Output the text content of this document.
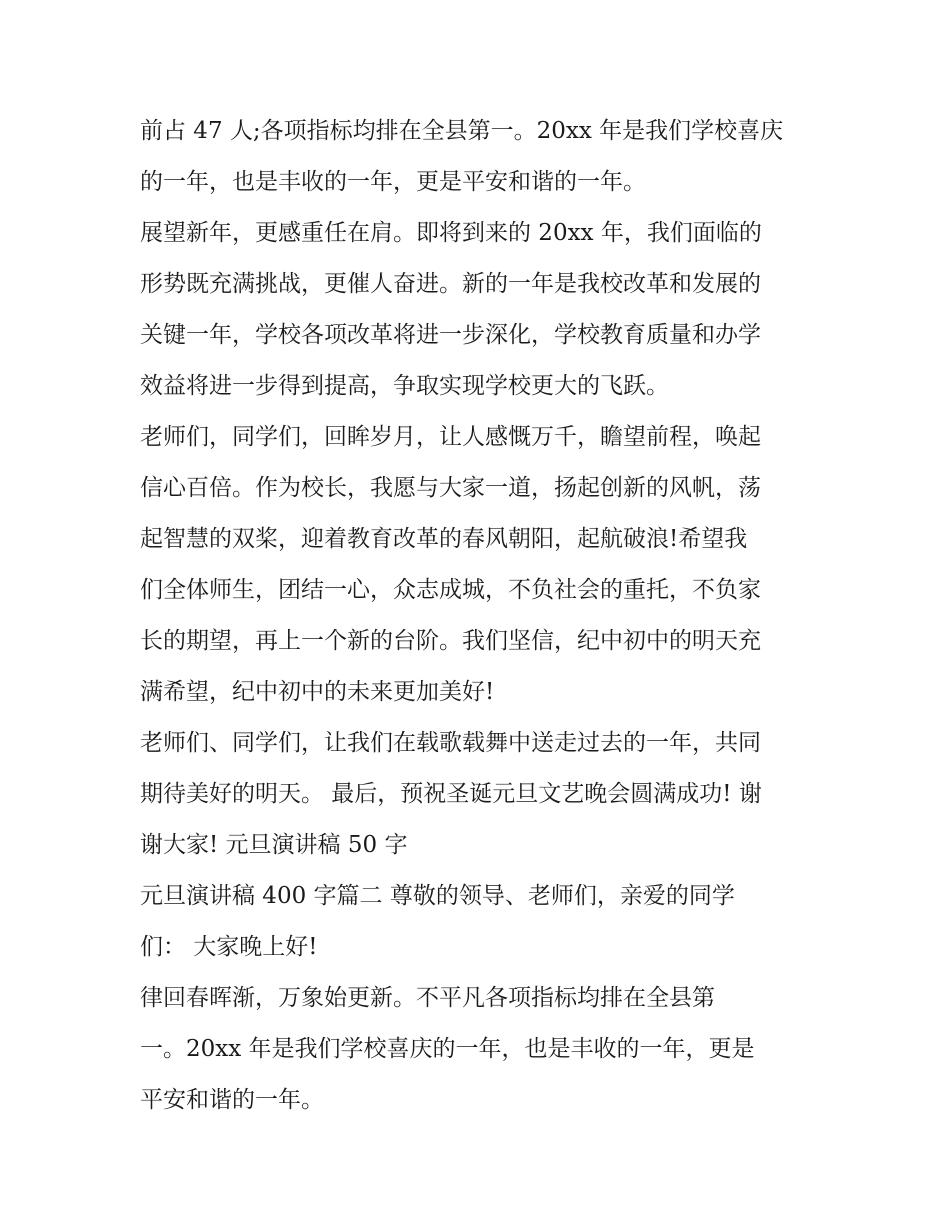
前占 47 人;各项指标均排在全县第一。20xx 年是我们学校喜庆
的一年，也是丰收的一年，更是平安和谐的一年。
展望新年，更感重任在肩。即将到来的 20xx 年，我们面临的
形势既充满挑战，更催人奋进。新的一年是我校改革和发展的
关键一年，学校各项改革将进一步深化，学校教育质量和办学
效益将进一步得到提高，争取实现学校更大的飞跃。
老师们，同学们，回眸岁月，让人感慨万千，瞻望前程，唤起
信心百倍。作为校长，我愿与大家一道，扬起创新的风帆，荡
起智慧的双桨，迎着教育改革的春风朝阳，起航破浪!希望我
们全体师生，团结一心，众志成城，不负社会的重托，不负家
长的期望，再上一个新的台阶。我们坚信，纪中初中的明天充
满希望，纪中初中的未来更加美好!
老师们、同学们，让我们在载歌载舞中送走过去的一年，共同
期待美好的明天。 最后，预祝圣诞元旦文艺晚会圆满成功! 谢
谢大家! 元旦演讲稿 50 字
元旦演讲稿 400 字篇二 尊敬的领导、老师们，亲爱的同学
们： 大家晚上好!
律回春晖渐，万象始更新。不平凡各项指标均排在全县第
一。20xx 年是我们学校喜庆的一年，也是丰收的一年，更是
平安和谐的一年。
